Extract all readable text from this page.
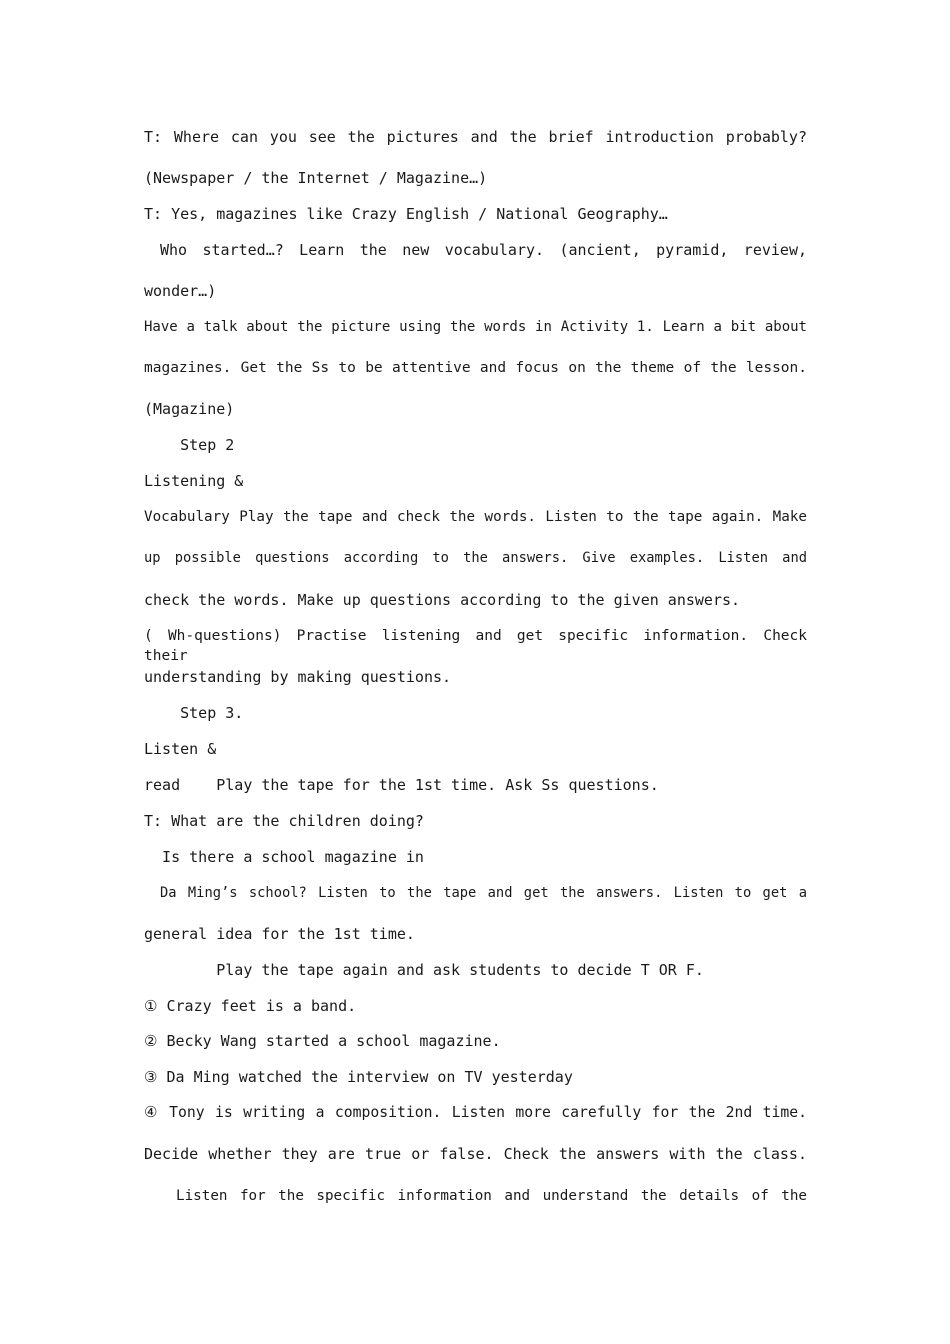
T: Where can you see the pictures and the brief introduction probably?
(Newspaper / the Internet / Magazine…)
T: Yes, magazines like Crazy English / National Geography…
Who started…? Learn the new vocabulary. (ancient, pyramid, review,
wonder…)
Have a talk about the picture using the words in Activity 1. Learn a bit about
magazines. Get the Ss to be attentive and focus on the theme of the lesson.
(Magazine)
Step 2
Listening &
Vocabulary Play the tape and check the words. Listen to the tape again. Make
up possible questions according to the answers. Give examples. Listen and
check the words. Make up questions according to the given answers.
( Wh-questions) Practise listening and get specific information. Check their
understanding by making questions.
Step 3.
Listen &
read    Play the tape for the 1st time. Ask Ss questions.
T: What are the children doing?
Is there a school magazine in
Da Ming’s school? Listen to the tape and get the answers. Listen to get a
general idea for the 1st time.
Play the tape again and ask students to decide T OR F.
① Crazy feet is a band.
② Becky Wang started a school magazine.
③ Da Ming watched the interview on TV yesterday
④ Tony is writing a composition. Listen more carefully for the 2nd time.
Decide whether they are true or false. Check the answers with the class.
Listen for the specific information and understand the details of the
